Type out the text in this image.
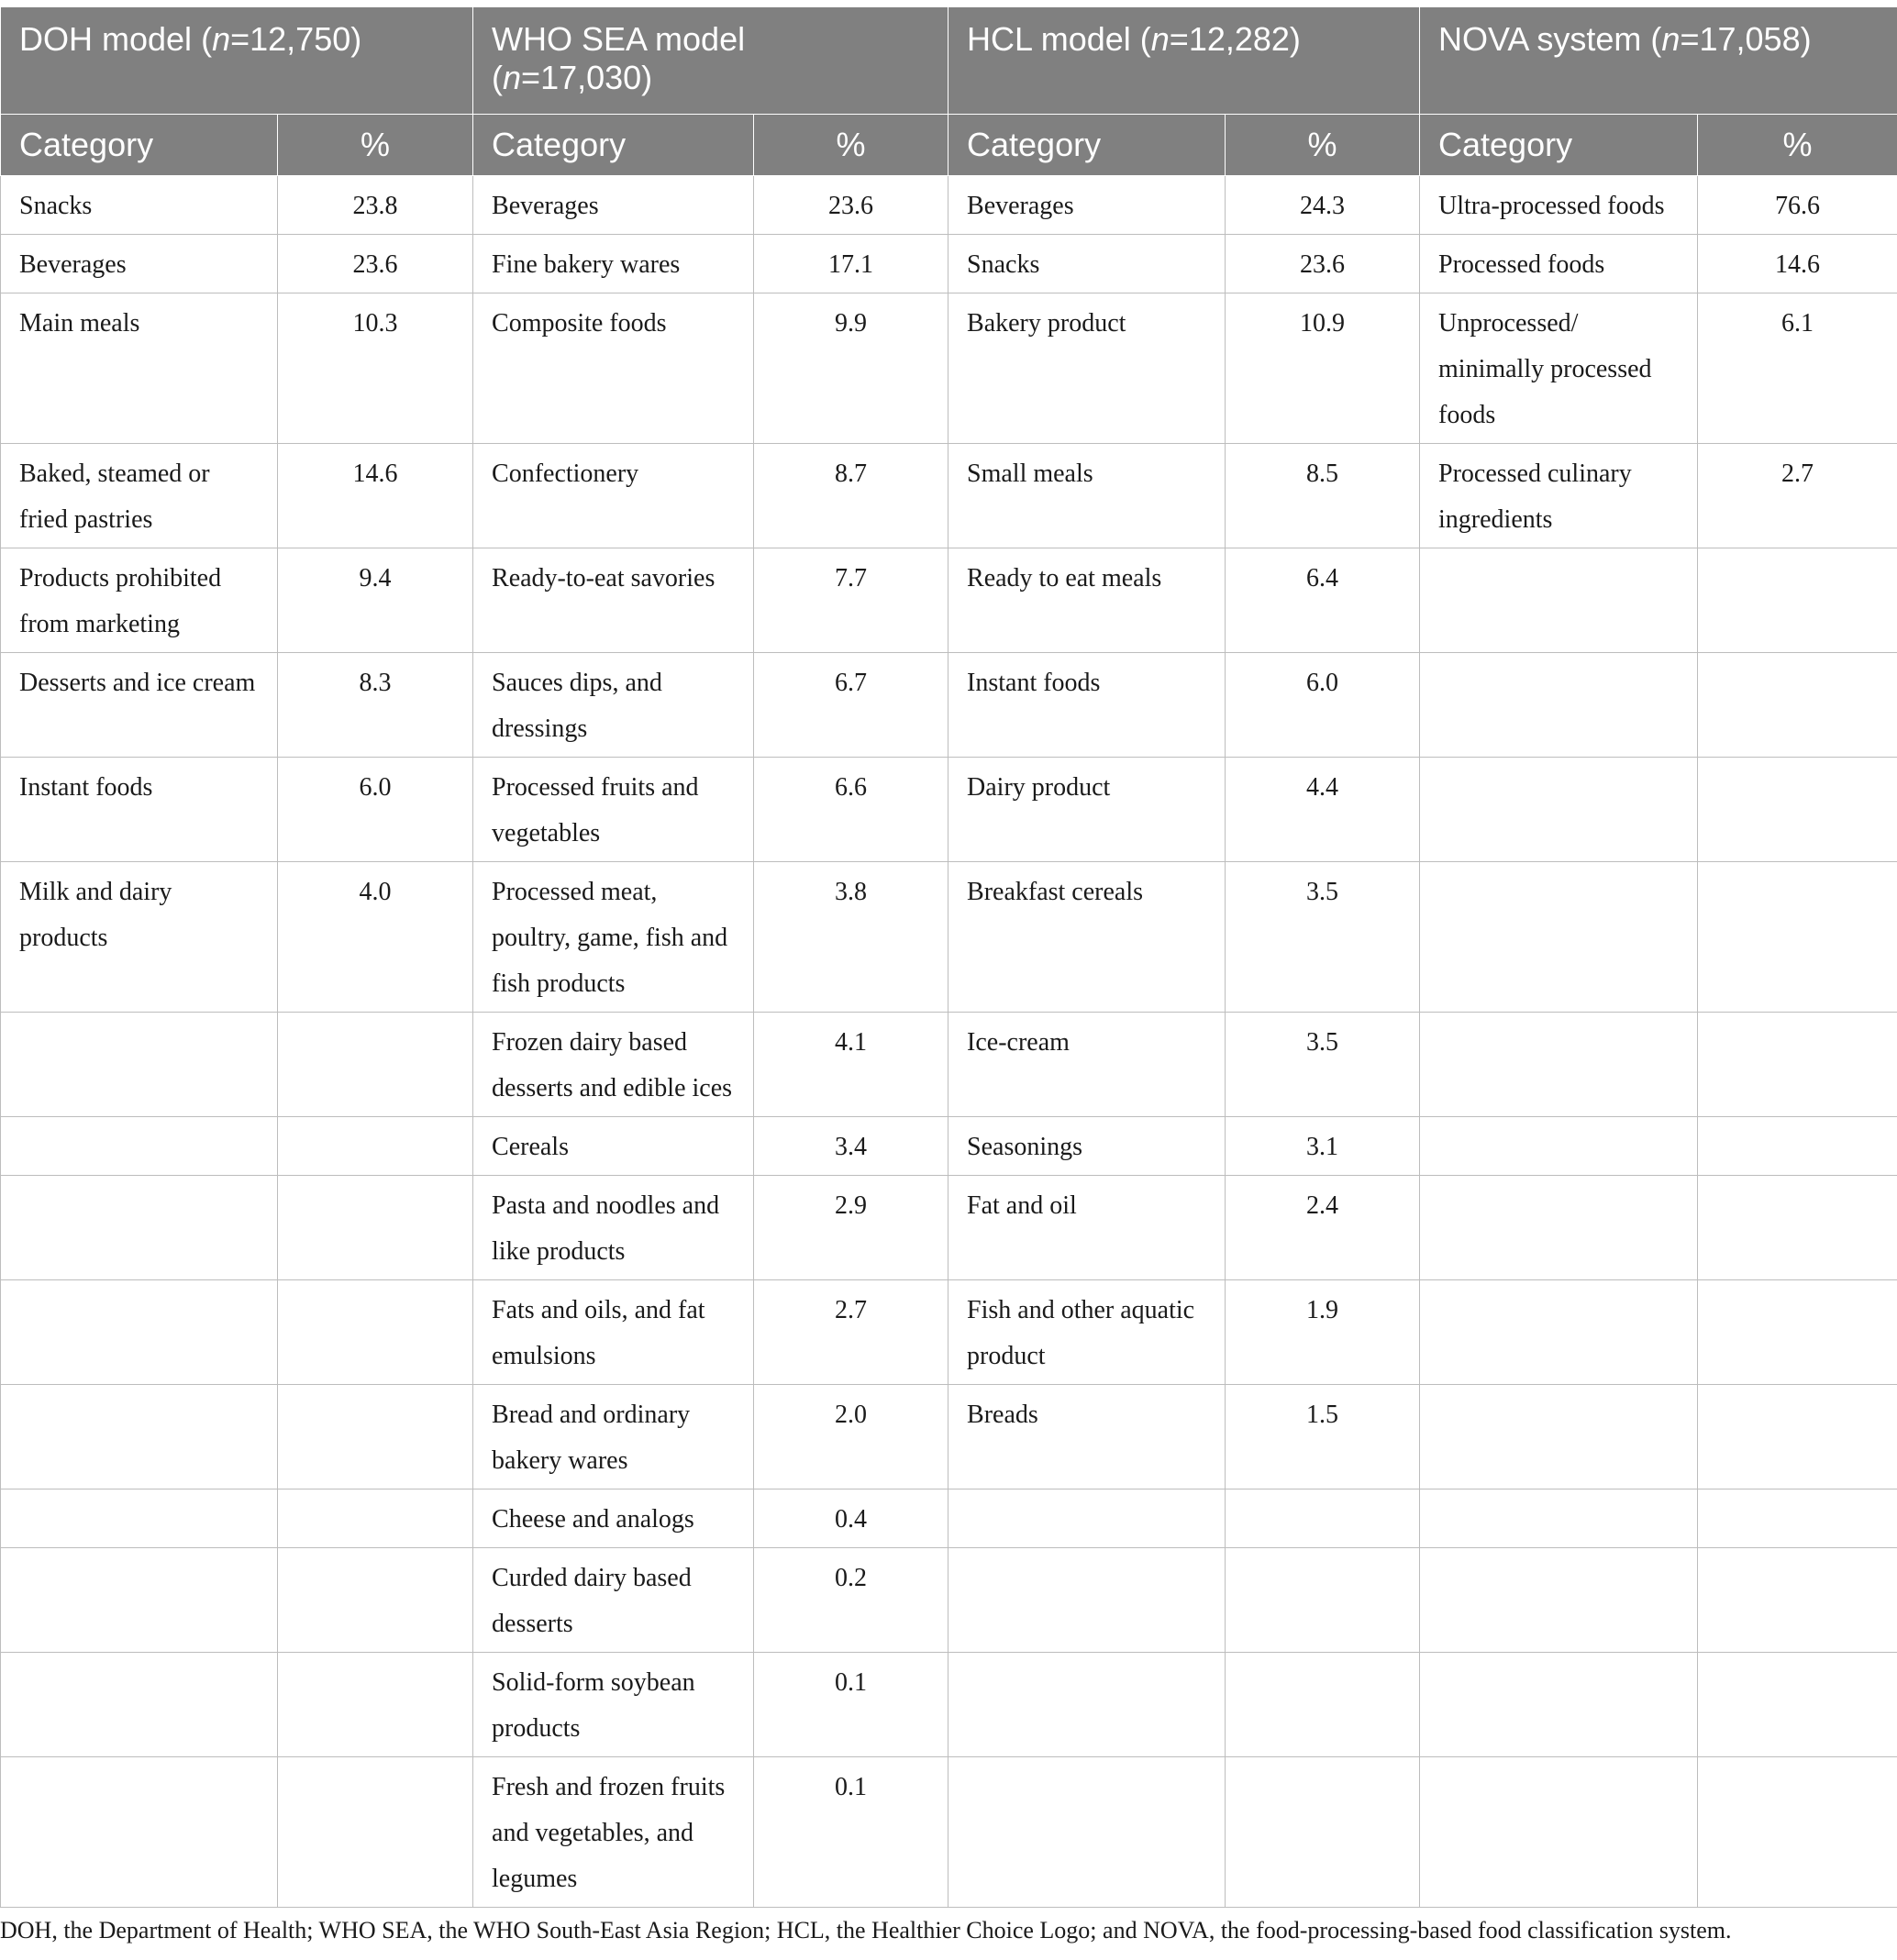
DOH model (n=12,750)		WHO SEA model
(n=17,030)		HCL model (n=12,282)		NOVA system (n=17,058)	
Category	%	Category	%	Category	%	Category	%
Snacks	23.8	Beverages	23.6	Beverages	24.3	Ultra-processed foods	76.6
Beverages	23.6	Fine bakery wares	17.1	Snacks	23.6	Processed foods	14.6
Main meals	10.3	Composite foods	9.9	Bakery product	10.9	Unprocessed/ minimally processed foods	6.1
Baked, steamed or fried pastries	14.6	Confectionery	8.7	Small meals	8.5	Processed culinary ingredients	2.7
Products prohibited from marketing	9.4	Ready-to-eat savories	7.7	Ready to eat meals	6.4		
Desserts and ice cream	8.3	Sauces dips, and dressings	6.7	Instant foods	6.0		
Instant foods	6.0	Processed fruits and vegetables	6.6	Dairy product	4.4		
Milk and dairy products	4.0	Processed meat, poultry, game, fish and fish products	3.8	Breakfast cereals	3.5		
		Frozen dairy based desserts and edible ices	4.1	Ice-cream	3.5		
		Cereals	3.4	Seasonings	3.1		
		Pasta and noodles and like products	2.9	Fat and oil	2.4		
		Fats and oils, and fat emulsions	2.7	Fish and other aquatic product	1.9		
		Bread and ordinary bakery wares	2.0	Breads	1.5		
		Cheese and analogs	0.4				
		Curded dairy based desserts	0.2				
		Solid-form soybean products	0.1				
		Fresh and frozen fruits and vegetables, and legumes	0.1				
DOH, the Department of Health; WHO SEA, the WHO South-East Asia Region; HCL, the Healthier Choice Logo; and NOVA, the food-processing-based food classification system.
